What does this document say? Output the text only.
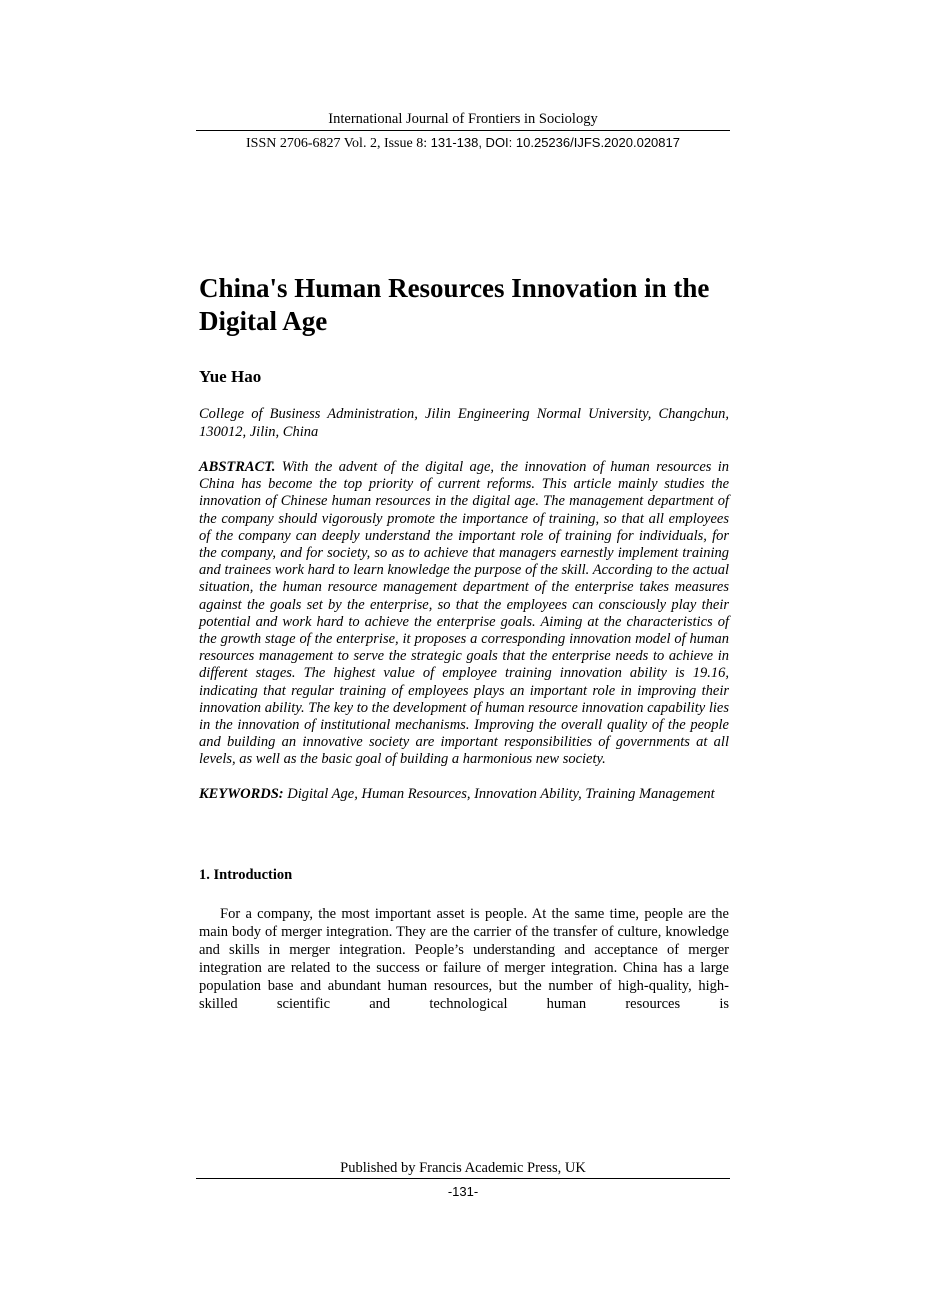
International Journal of Frontiers in Sociology
ISSN 2706-6827 Vol. 2, Issue 8: 131-138, DOI: 10.25236/IJFS.2020.020817
China's Human Resources Innovation in the Digital Age
Yue Hao
College of Business Administration, Jilin Engineering Normal University, Changchun, 130012, Jilin, China
ABSTRACT. With the advent of the digital age, the innovation of human resources in China has become the top priority of current reforms. This article mainly studies the innovation of Chinese human resources in the digital age. The management department of the company should vigorously promote the importance of training, so that all employees of the company can deeply understand the important role of training for individuals, for the company, and for society, so as to achieve that managers earnestly implement training and trainees work hard to learn knowledge the purpose of the skill. According to the actual situation, the human resource management department of the enterprise takes measures against the goals set by the enterprise, so that the employees can consciously play their potential and work hard to achieve the enterprise goals. Aiming at the characteristics of the growth stage of the enterprise, it proposes a corresponding innovation model of human resources management to serve the strategic goals that the enterprise needs to achieve in different stages. The highest value of employee training innovation ability is 19.16, indicating that regular training of employees plays an important role in improving their innovation ability. The key to the development of human resource innovation capability lies in the innovation of institutional mechanisms. Improving the overall quality of the people and building an innovative society are important responsibilities of governments at all levels, as well as the basic goal of building a harmonious new society.
KEYWORDS: Digital Age, Human Resources, Innovation Ability, Training Management
1. Introduction
For a company, the most important asset is people. At the same time, people are the main body of merger integration. They are the carrier of the transfer of culture, knowledge and skills in merger integration. People’s understanding and acceptance of merger integration are related to the success or failure of merger integration. China has a large population base and abundant human resources, but the number of high-quality, high-skilled scientific and technological human resources is
Published by Francis Academic Press, UK
-131-
